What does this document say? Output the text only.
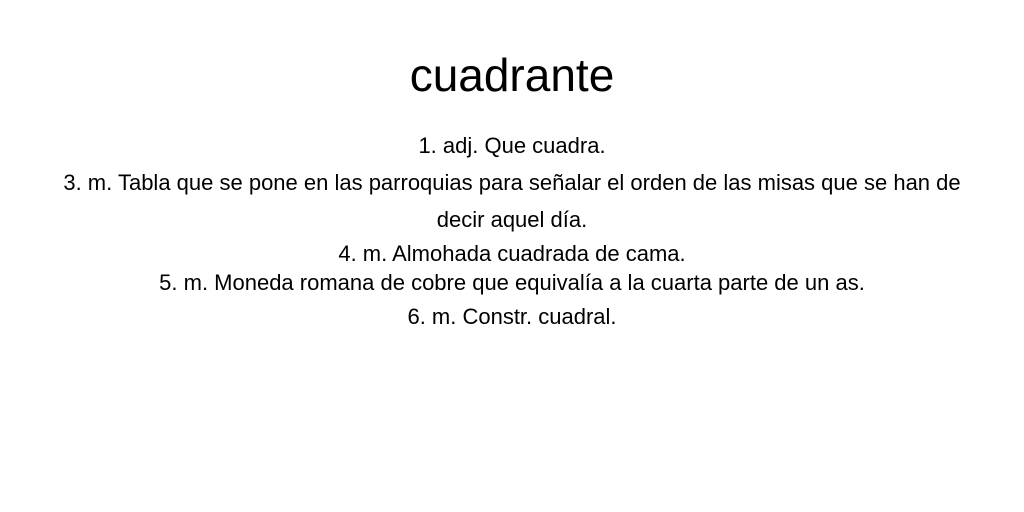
cuadrante
1. adj. Que cuadra.
3. m. Tabla que se pone en las parroquias para señalar el orden de las misas que se han de decir aquel día.
4. m. Almohada cuadrada de cama.
5. m. Moneda romana de cobre que equivalía a la cuarta parte de un as.
6. m. Constr. cuadral.
